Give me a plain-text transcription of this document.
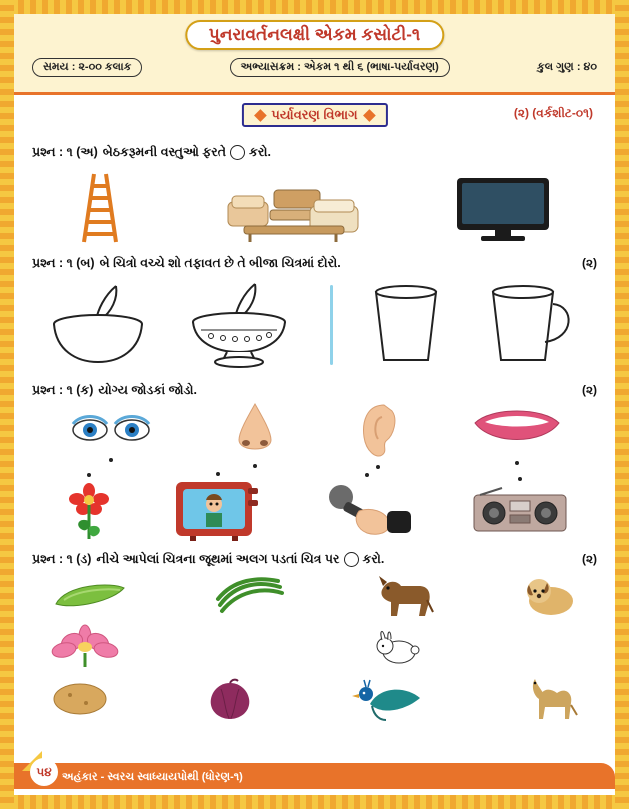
પુનરાવર્તનલક્ષી એકમ કસોટી-૧
સમય : ૨-૦૦ કલાક	અભ્યાસક્રમ : એકમ ૧ થી ૬ (ભાષા-પર્યાવરણ)	કુલ ગુણ : ૪૦
પર્યાવરણ વિભાગ	(૨) (વર્કશીટ-૦૧)
પ્રશ્ન : ૧ (અ) બેઠકરૂમની વસ્તુઓ ફરતે કરો.
પ્રશ્ન : ૧ (બ) બે ચિત્રો વચ્ચે શો તફાવત છે તે બીજા ચિત્રમાં દોરો.	(૨)
પ્રશ્ન : ૧ (ક) યોગ્ય જોડકાં જોડો.	(૨)
પ્રશ્ન : ૧ (ડ) નીચે આપેલાં ચિત્રના જૂથમાં અલગ પડતાં ચિત્ર પર કરો.	(૨)
૫૪ અહંકાર - સ્વરચ સ્વાધ્યાયપોથી (ધોરણ-૧)
